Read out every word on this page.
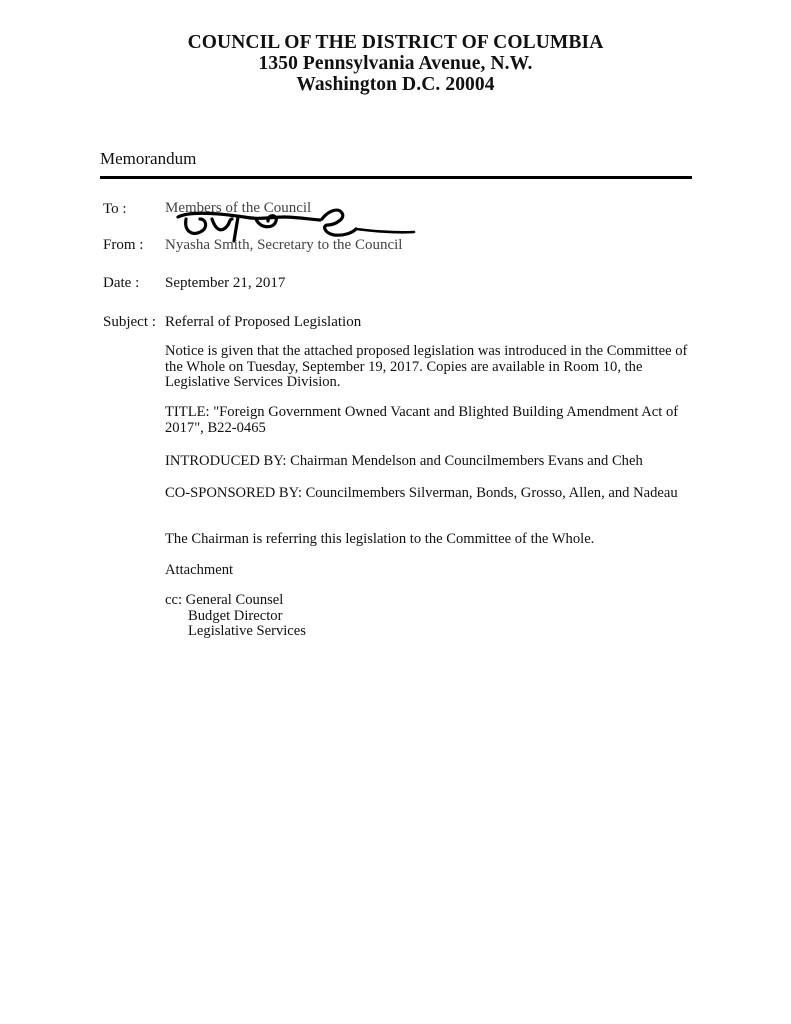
COUNCIL OF THE DISTRICT OF COLUMBIA
1350 Pennsylvania Avenue, N.W.
Washington D.C. 20004
Memorandum
To :	Members of the Council
From : Nyasha Smith, Secretary to the Council
Date : September 21, 2017
Subject : Referral of Proposed Legislation
Notice is given that the attached proposed legislation was introduced in the Committee of the Whole on Tuesday, September 19, 2017. Copies are available in Room 10, the Legislative Services Division.
TITLE: "Foreign Government Owned Vacant and Blighted Building Amendment Act of 2017", B22-0465
INTRODUCED BY: Chairman Mendelson and Councilmembers Evans and Cheh
CO-SPONSORED BY: Councilmembers Silverman, Bonds, Grosso, Allen, and Nadeau
The Chairman is referring this legislation to the Committee of the Whole.
Attachment
cc: General Counsel
Budget Director
Legislative Services
